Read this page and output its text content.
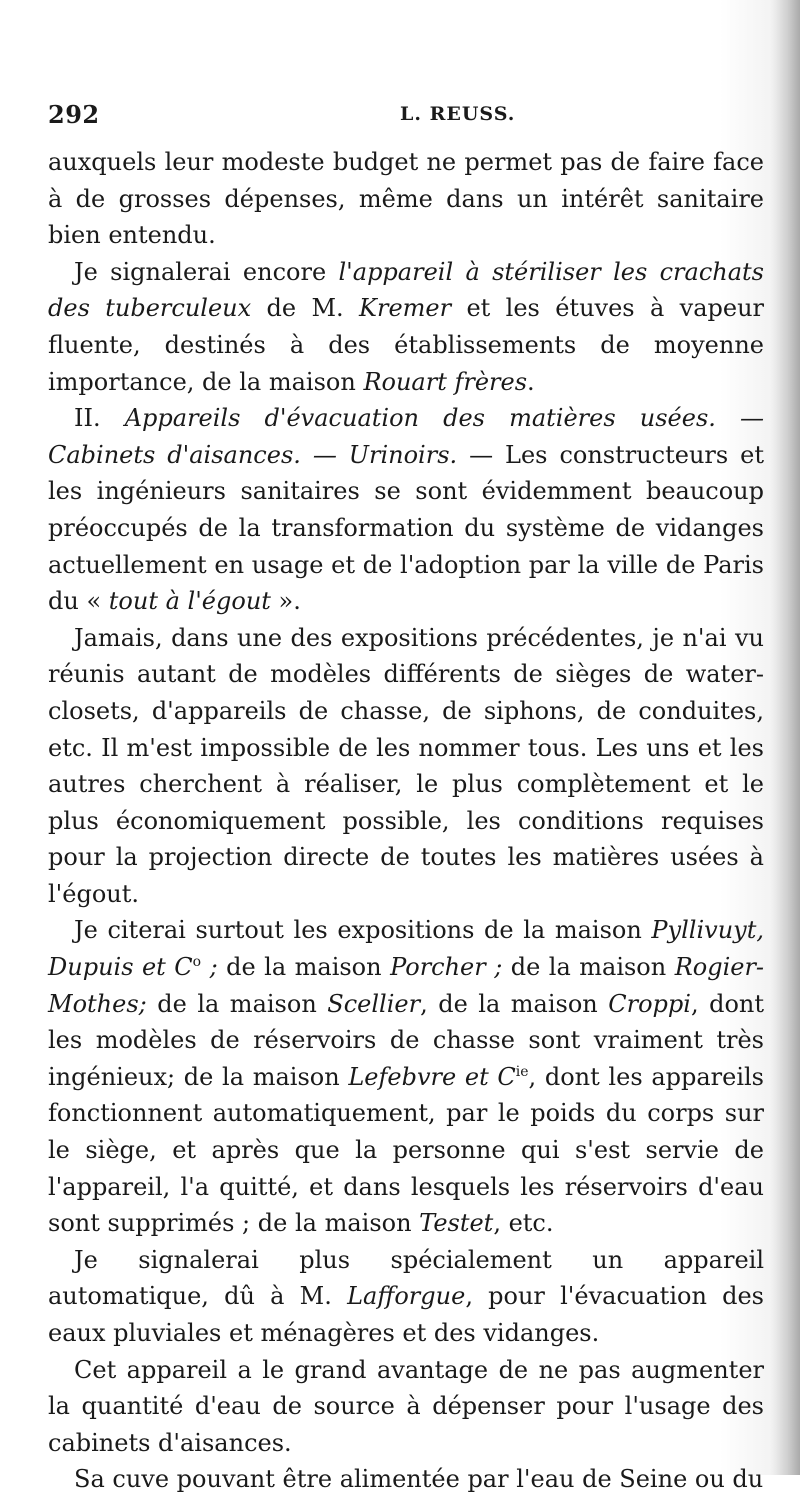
292	L. REUSS.

auxquels leur modeste budget ne permet pas de faire face à de grosses dépenses, même dans un intérêt sanitaire bien entendu.

Je signalerai encore l'appareil à stériliser les crachats des tuberculeux de M. Kremer et les étuves à vapeur fluente, destinés à des établissements de moyenne importance, de la maison Rouart frères.

II. Appareils d'évacuation des matières usées. — Cabinets d'aisances. — Urinoirs. — Les constructeurs et les ingénieurs sanitaires se sont évidemment beaucoup préoccupés de la transformation du système de vidanges actuellement en usage et de l'adoption par la ville de Paris du « tout à l'égout ».

Jamais, dans une des expositions précédentes, je n'ai vu réunis autant de modèles différents de sièges de water-closets, d'appareils de chasse, de siphons, de conduites, etc. Il m'est impossible de les nommer tous. Les uns et les autres cherchent à réaliser, le plus complètement et le plus économiquement possible, les conditions requises pour la projection directe de toutes les matières usées à l'égout.

Je citerai surtout les expositions de la maison Pyllivuyt, Dupuis et $C^o$ ; de la maison Porcher ; de la maison Rogier-Mothes; de la maison Scellier, de la maison Croppi, dont les modèles de réservoirs de chasse sont vraiment très ingénieux; de la maison Lefebvre et $C^{ie}$, dont les appareils fonctionnent automatiquement, par le poids du corps sur le siège, et après que la personne qui s'est servie de l'appareil, l'a quitté, et dans lesquels les réservoirs d'eau sont supprimés ; de la maison Testet, etc.

Je signalerai plus spécialement un appareil automatique, dû à M. Lafforgue, pour l'évacuation des eaux pluviales et ménagères et des vidanges.

Cet appareil a le grand avantage de ne pas augmenter la quantité d'eau de source à dépenser pour l'usage des cabinets d'aisances.

Sa cuve pouvant être alimentée par l'eau de Seine ou du
